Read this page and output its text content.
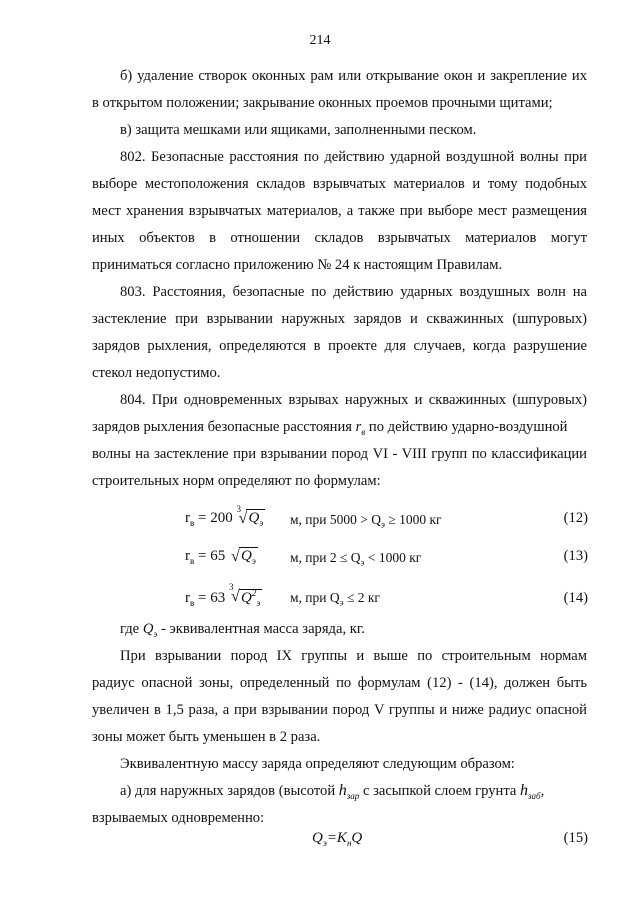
214
б) удаление створок оконных рам или открывание окон и закрепление их
в открытом положении; закрывание оконных проемов прочными щитами;
в) защита мешками или ящиками, заполненными песком.
802. Безопасные расстояния по действию ударной воздушной волны при
выборе местоположения складов взрывчатых материалов и тому подобных
мест хранения взрывчатых материалов, а также при выборе мест размещения
иных объектов в отношении складов взрывчатых материалов могут
приниматься согласно приложению № 24 к настоящим Правилам.
803. Расстояния, безопасные по действию ударных воздушных волн на
застекление при взрывании наружных зарядов и скважинных (шпуровых)
зарядов рыхления, определяются в проекте для случаев, когда разрушение
стекол недопустимо.
804. При одновременных взрывах наружных и скважинных (шпуровых)
зарядов рыхления безопасные расстояния $r_в$ по действию ударно-воздушной
волны на застекление при взрывании пород VI - VIII групп по классификации
строительных норм определяют по формулам:
$r_в = 200$
3
√ $Q_э$ м, при $5000 > Q_э \ge 1000$ кг	(12)
$r_в = 65$ √ $Q_э$	м, при $2 \le Q_э < 1000$ кг	(13)
$r_в = 63$
3
√ $Q^2_э$ м, при $Q_э \le 2$ кг	(14)
где $Q_э$ - эквивалентная масса заряда, кг.
При взрывании пород IX группы и выше по строительным нормам
радиус опасной зоны, определенный по формулам (12) - (14), должен быть
увеличен в 1,5 раза, а при взрывании пород V группы и ниже радиус опасной
зоны может быть уменьшен в 2 раза.
Эквивалентную массу заряда определяют следующим образом:
а) для наружных зарядов (высотой $h_{зар}$ с засыпкой слоем грунта $h_{заб}$,
взрываемых одновременно:
$Q_э=K_нQ$	(15)
